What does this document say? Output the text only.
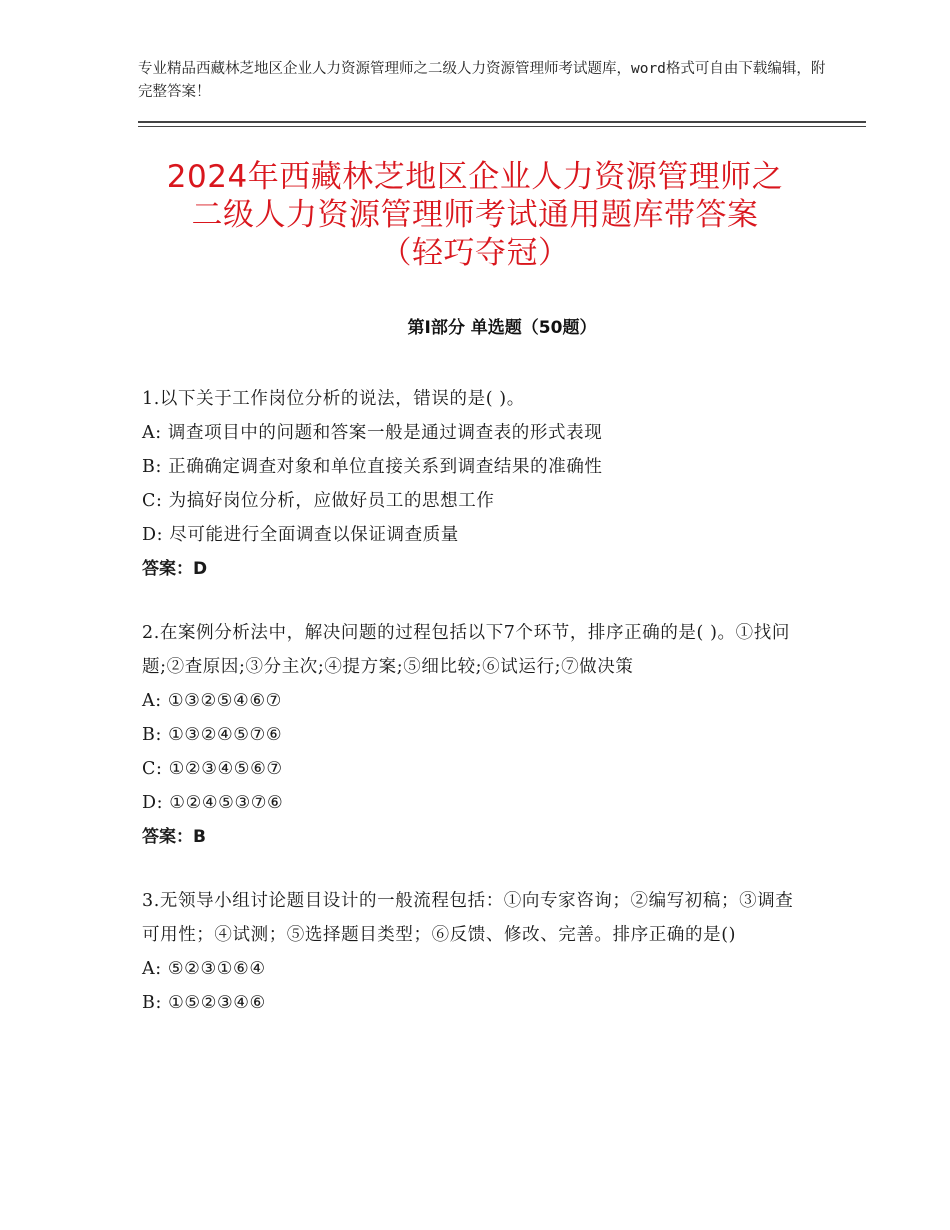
专业精品西藏林芝地区企业人力资源管理师之二级人力资源管理师考试题库，word格式可自由下载编辑，附完整答案！
2024年西藏林芝地区企业人力资源管理师之
二级人力资源管理师考试通用题库带答案
（轻巧夺冠）
第Ⅰ部分 单选题（50题）

1.以下关于工作岗位分析的说法，错误的是( )。

A: 调查项目中的问题和答案一般是通过调查表的形式表现

B: 正确确定调查对象和单位直接关系到调查结果的准确性

C: 为搞好岗位分析，应做好员工的思想工作

D: 尽可能进行全面调查以保证调查质量

答案：D

2.在案例分析法中，解决问题的过程包括以下7个环节，排序正确的是( )。①找问题;②查原因;③分主次;④提方案;⑤细比较;⑥试运行;⑦做决策

A: ①③②⑤④⑥⑦

B: ①③②④⑤⑦⑥

C: ①②③④⑤⑥⑦

D: ①②④⑤③⑦⑥

答案：B

3.无领导小组讨论题目设计的一般流程包括：①向专家咨询；②编写初稿；③调查可用性；④试测；⑤选择题目类型；⑥反馈、修改、完善。排序正确的是()

A: ⑤②③①⑥④

B: ①⑤②③④⑥
